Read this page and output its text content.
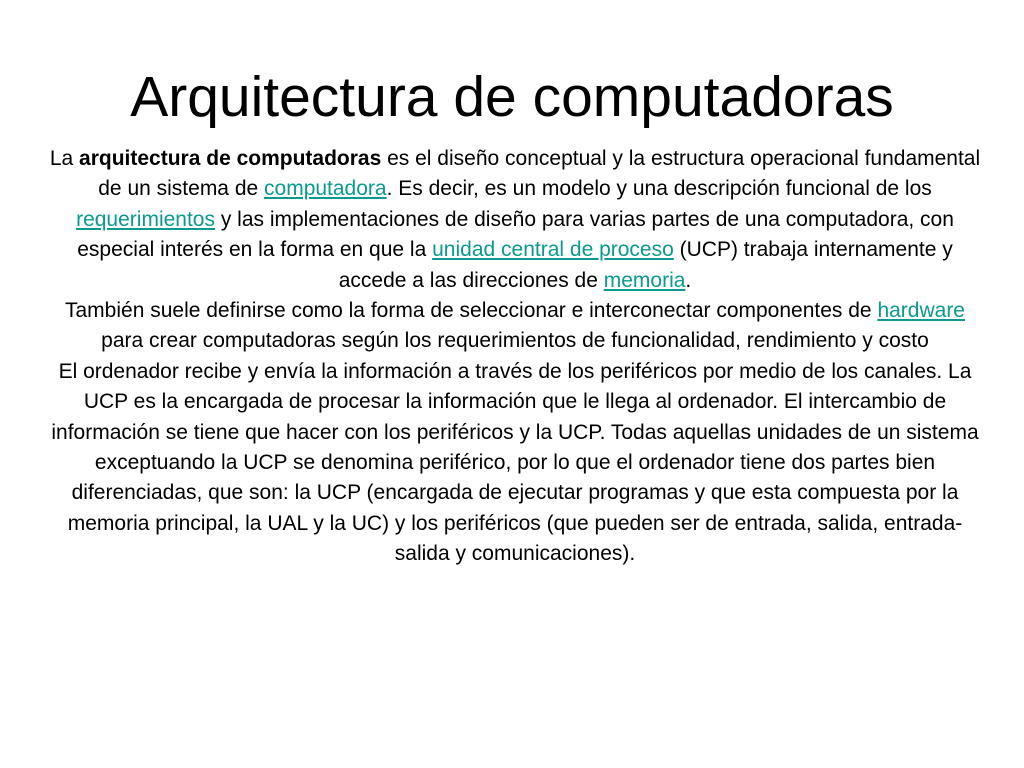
Arquitectura de computadoras

La arquitectura de computadoras es el diseño conceptual y la estructura operacional fundamental de un sistema de computadora. Es decir, es un modelo y una descripción funcional de los requerimientos y las implementaciones de diseño para varias partes de una computadora, con especial interés en la forma en que la unidad central de proceso (UCP) trabaja internamente y accede a las direcciones de memoria.

También suele definirse como la forma de seleccionar e interconectar componentes de hardware para crear computadoras según los requerimientos de funcionalidad, rendimiento y costo

El ordenador recibe y envía la información a través de los periféricos por medio de los canales. La UCP es la encargada de procesar la información que le llega al ordenador. El intercambio de información se tiene que hacer con los periféricos y la UCP. Todas aquellas unidades de un sistema exceptuando la UCP se denomina periférico, por lo que el ordenador tiene dos partes bien diferenciadas, que son: la UCP (encargada de ejecutar programas y que esta compuesta por la memoria principal, la UAL y la UC) y los periféricos (que pueden ser de entrada, salida, entrada-salida y comunicaciones).
